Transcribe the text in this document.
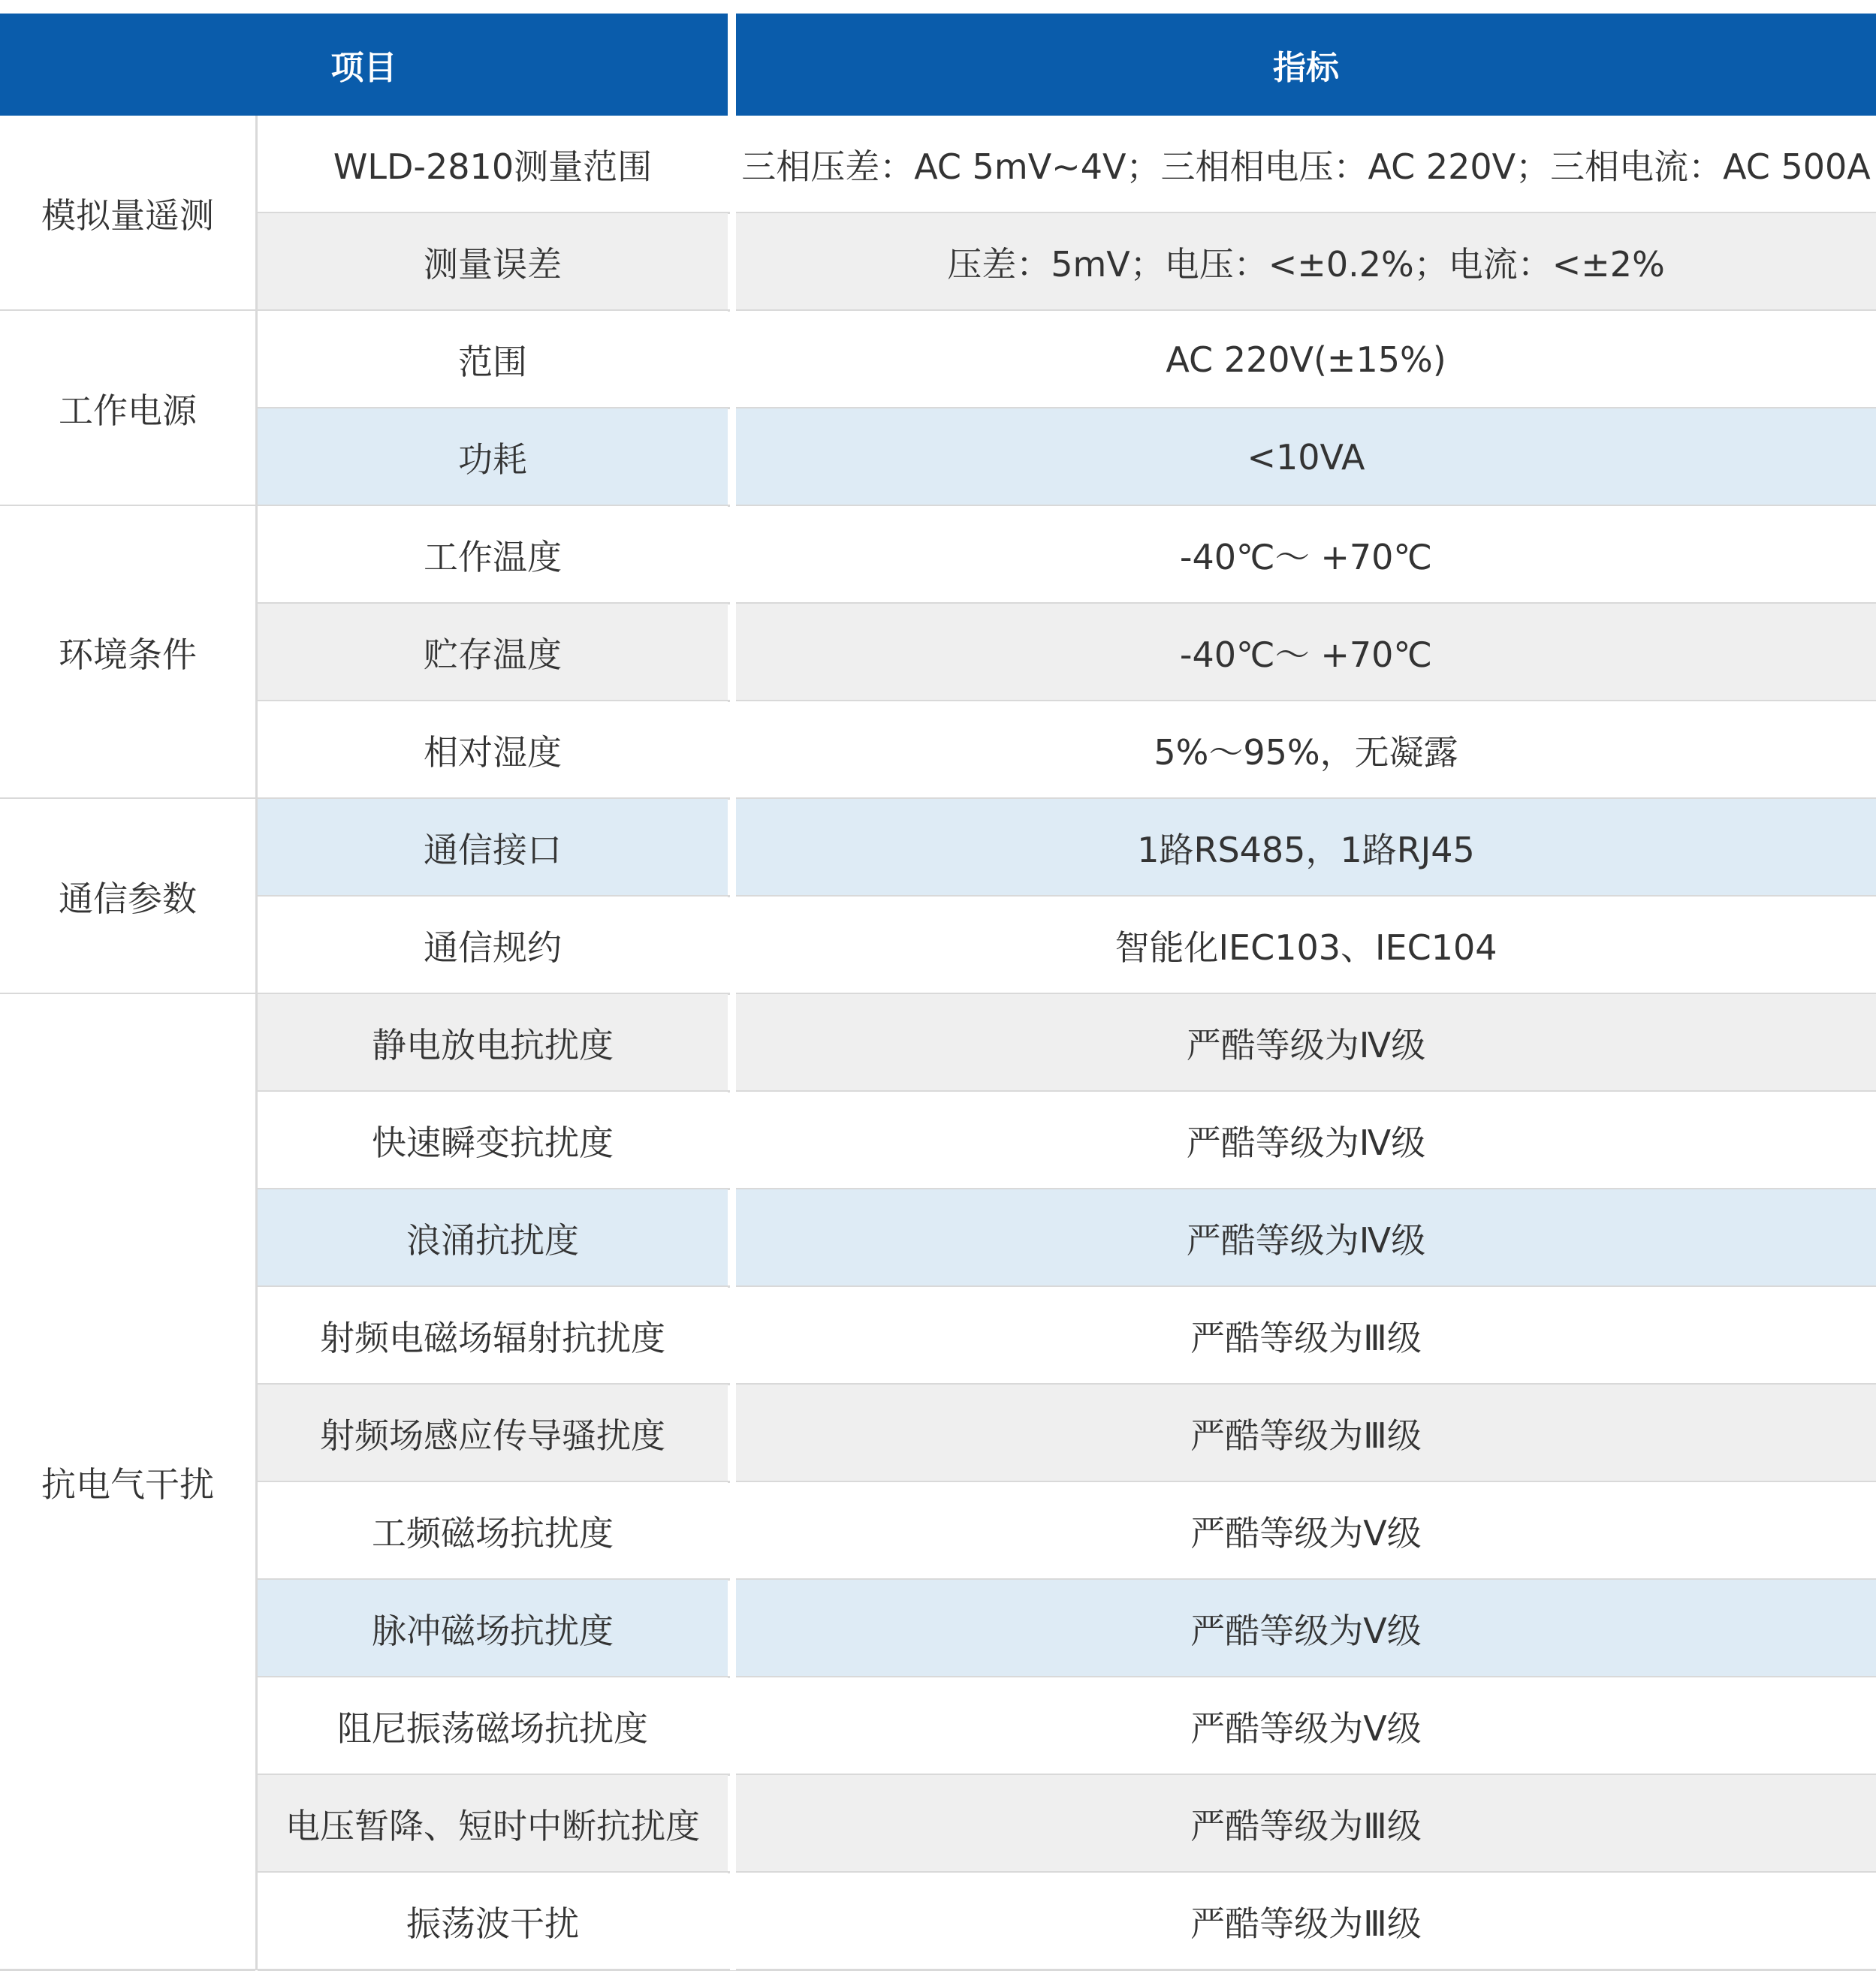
项目	指标
模拟量遥测
WLD-2810测量范围	三相压差：AC 5mV~4V；三相相电压：AC 220V；三相电流：AC 500A
测量误差	压差：5mV；电压：<±0.2%；电流：<±2%
工作电源
范围	AC 220V(±15%)
功耗	<10VA
环境条件
工作温度	-40℃～ +70℃
贮存温度	-40℃～ +70℃
相对湿度	5%～95%，无凝露
通信参数
通信接口	1路RS485，1路RJ45
通信规约	智能化IEC103、IEC104
抗电气干扰
静电放电抗扰度	严酷等级为Ⅳ级
快速瞬变抗扰度	严酷等级为Ⅳ级
浪涌抗扰度	严酷等级为Ⅳ级
射频电磁场辐射抗扰度	严酷等级为Ⅲ级
射频场感应传导骚扰度	严酷等级为Ⅲ级
工频磁场抗扰度	严酷等级为Ⅴ级
脉冲磁场抗扰度	严酷等级为Ⅴ级
阻尼振荡磁场抗扰度	严酷等级为Ⅴ级
电压暂降、短时中断抗扰度	严酷等级为Ⅲ级
振荡波干扰	严酷等级为Ⅲ级
